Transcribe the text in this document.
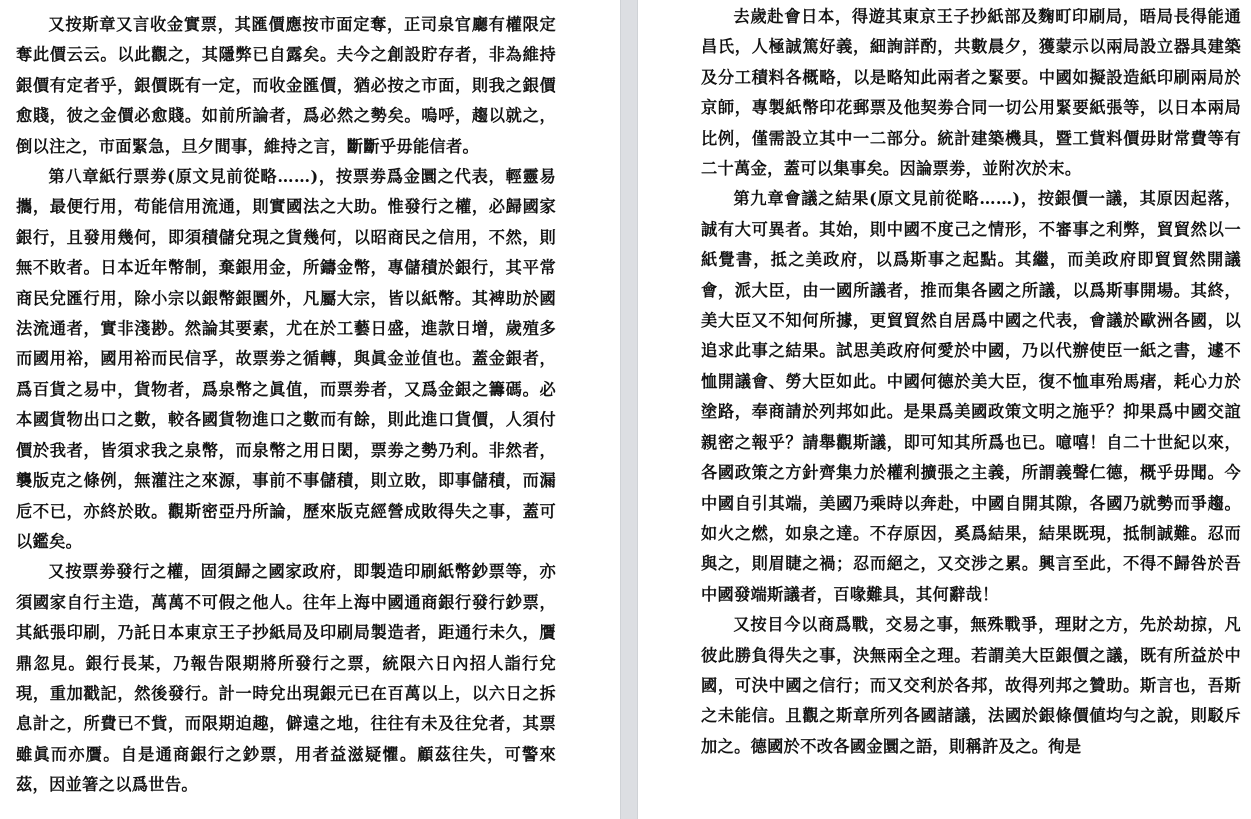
又按斯章又言收金實票，其匯價應按市面定奪，正司泉官廳有權限定奪此價云云。以此觀之，其隱弊已自露矣。夫今之創設貯存者，非為維持銀價有定者乎，銀價既有一定，而收金匯價，猶必按之市面，則我之銀價愈賤，彼之金價必愈賤。如前所論者，爲必然之勢矣。嗚呼，趨以就之，倒以注之，市面緊急，旦夕間事，維持之言，斷斷乎毋能信者。

第八章紙行票劵(原文見前從略……)，按票劵爲金圜之代表，輕靈易攜，最便行用，苟能信用流通，則實國法之大助。惟發行之權，必歸國家銀行，且發用幾何，即須積儲兌現之貨幾何，以昭商民之信用，不然，則無不敗者。日本近年幣制，棄銀用金，所鑄金幣，專儲積於銀行，其平常商民兌匯行用，除小宗以銀幣銀圜外，凡屬大宗，皆以紙幣。其裨助於國法流通者，實非淺尠。然論其要素，尤在於工藝日盛，進款日增，歲殖多而國用裕，國用裕而民信孚，故票劵之循轉，與眞金並值也。蓋金銀者，爲百貨之易中，貨物者，爲泉幣之眞值，而票劵者，又爲金銀之籌碼。必本國貨物出口之數，較各國貨物進口之數而有餘，則此進口貨價，人須付價於我者，皆須求我之泉幣，而泉幣之用日閎，票劵之勢乃利。非然者，襲版克之條例，無灌注之來源，事前不事儲積，則立敗，即事儲積，而漏卮不已，亦終於敗。觀斯密亞丹所論，歷來版克經營成敗得失之事，蓋可以鑑矣。

又按票劵發行之權，固須歸之國家政府，即製造印刷紙幣鈔票等，亦須國家自行主造，萬萬不可假之他人。往年上海中國通商銀行發行鈔票，其紙張印刷，乃託日本東京王子抄紙局及印刷局製造者，距通行未久，贋鼎忽見。銀行長某，乃報告限期將所發行之票，統限六日內招人詣行兌現，重加戳記，然後發行。計一時兌出現銀元已在百萬以上，以六日之拆息計之，所費已不貲，而限期迫趣，僻遠之地，往往有未及往兌者，其票雖眞而亦贋。自是通商銀行之鈔票，用者益滋疑懼。顧茲往失，可警來茲，因並箸之以爲世告。

去歲赴會日本，得遊其東京王子抄紙部及麴町印刷局，晤局長得能通昌氏，人極誠篤好義，細詢詳酌，共數晨夕，獲蒙示以兩局設立器具建築及分工積料各概略，以是略知此兩者之緊要。中國如擬設造紙印刷兩局於京師，專製紙幣印花郵票及他契劵合同一切公用緊要紙張等，以日本兩局比例，僅需設立其中一二部分。統計建築機具，暨工貲料價毋財常費等有二十萬金，蓋可以集事矣。因論票劵，並附次於末。

第九章會議之結果(原文見前從略……)，按銀價一議，其原因起落，誠有大可異者。其始，則中國不度己之情形，不審事之利弊，貿貿然以一紙覺書，抵之美政府，以爲斯事之起點。其繼，而美政府即貿貿然開議會，派大臣，由一國所議者，推而集各國之所議，以爲斯事開場。其終，美大臣又不知何所據，更貿貿然自居爲中國之代表，會議於歐洲各國，以追求此事之結果。試思美政府何愛於中國，乃以代辦使臣一紙之書，遽不恤開議會、勞大臣如此。中國何德於美大臣，復不恤車殆馬瘏，耗心力於塗路，奉商請於列邦如此。是果爲美國政策文明之施乎？抑果爲中國交誼親密之報乎？請舉觀斯議，即可知其所爲也已。噫嘻！自二十世紀以來，各國政策之方針齊集力於權利擴張之主義，所謂義聲仁德，概乎毋聞。今中國自引其端，美國乃乘時以奔赴，中國自開其隙，各國乃就勢而爭趨。如火之燃，如泉之達。不存原因，奚爲結果，結果既現，抵制誠難。忍而與之，則眉睫之禍；忍而絕之，又交涉之累。興言至此，不得不歸咎於吾中國發端斯議者，百喙難具，其何辭哉！

又按目今以商爲戰，交易之事，無殊戰爭，理財之方，先於劫掠，凡彼此勝負得失之事，決無兩全之理。若謂美大臣銀價之議，既有所益於中國，可決中國之信行；而又交利於各邦，故得列邦之贊助。斯言也，吾斯之未能信。且觀之斯章所列各國諸議，法國於銀條價値均勻之說，則駁斥加之。德國於不改各國金圜之語，則稱許及之。徇是
